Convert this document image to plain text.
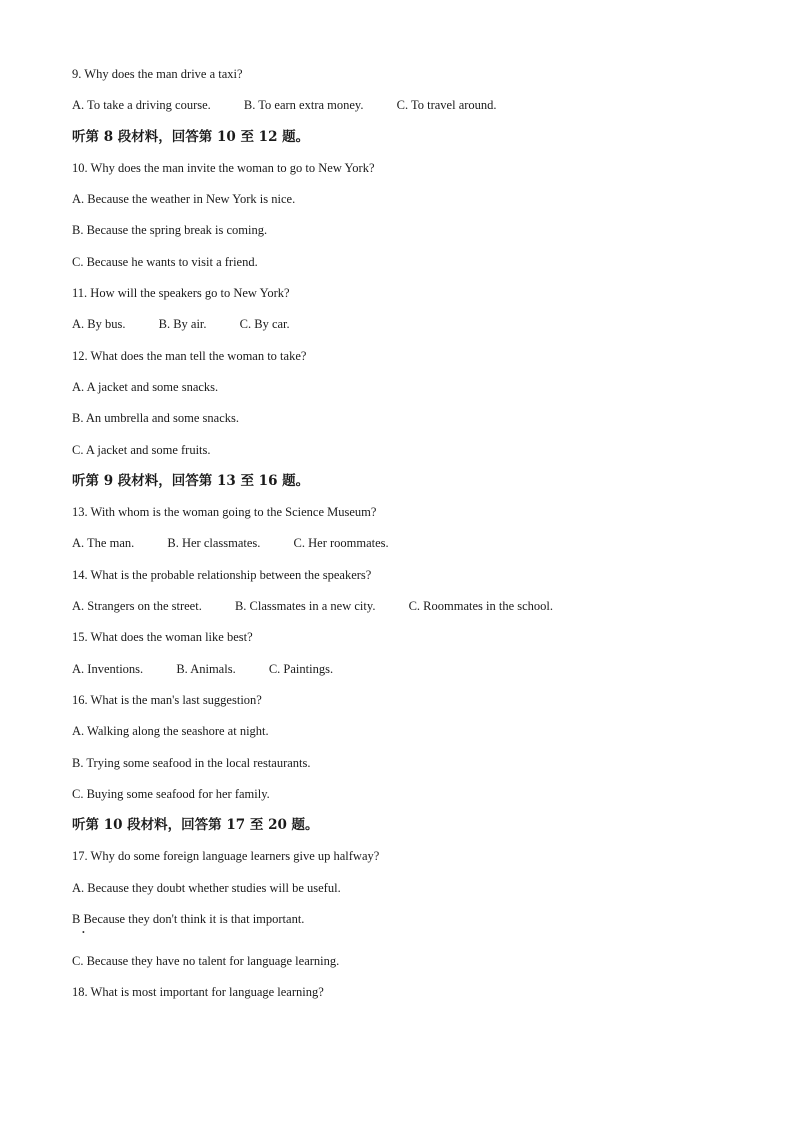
9. Why does the man drive a taxi?
A. To take a driving course.	B. To earn extra money.	C. To travel around.
听第 8 段材料，回答第 10 至 12 题。
10. Why does the man invite the woman to go to New York?
A. Because the weather in New York is nice.
B. Because the spring break is coming.
C. Because he wants to visit a friend.
11. How will the speakers go to New York?
A. By bus.	B. By air.	C. By car.
12. What does the man tell the woman to take?
A. A jacket and some snacks.
B. An umbrella and some snacks.
C. A jacket and some fruits.
听第 9 段材料，回答第 13 至 16 题。
13. With whom is the woman going to the Science Museum?
A. The man.	B. Her classmates.	C. Her roommates.
14. What is the probable relationship between the speakers?
A. Strangers on the street.	B. Classmates in a new city.	C. Roommates in the school.
15. What does the woman like best?
A. Inventions.	B. Animals.	C. Paintings.
16. What is the man's last suggestion?
A. Walking along the seashore at night.
B. Trying some seafood in the local restaurants.
C. Buying some seafood for her family.
听第 10 段材料，回答第 17 至 20 题。
17. Why do some foreign language learners give up halfway?
A. Because they doubt whether studies will be useful.
B Because they don't think it is that important.
C. Because they have no talent for language learning.
18. What is most important for language learning?
•
